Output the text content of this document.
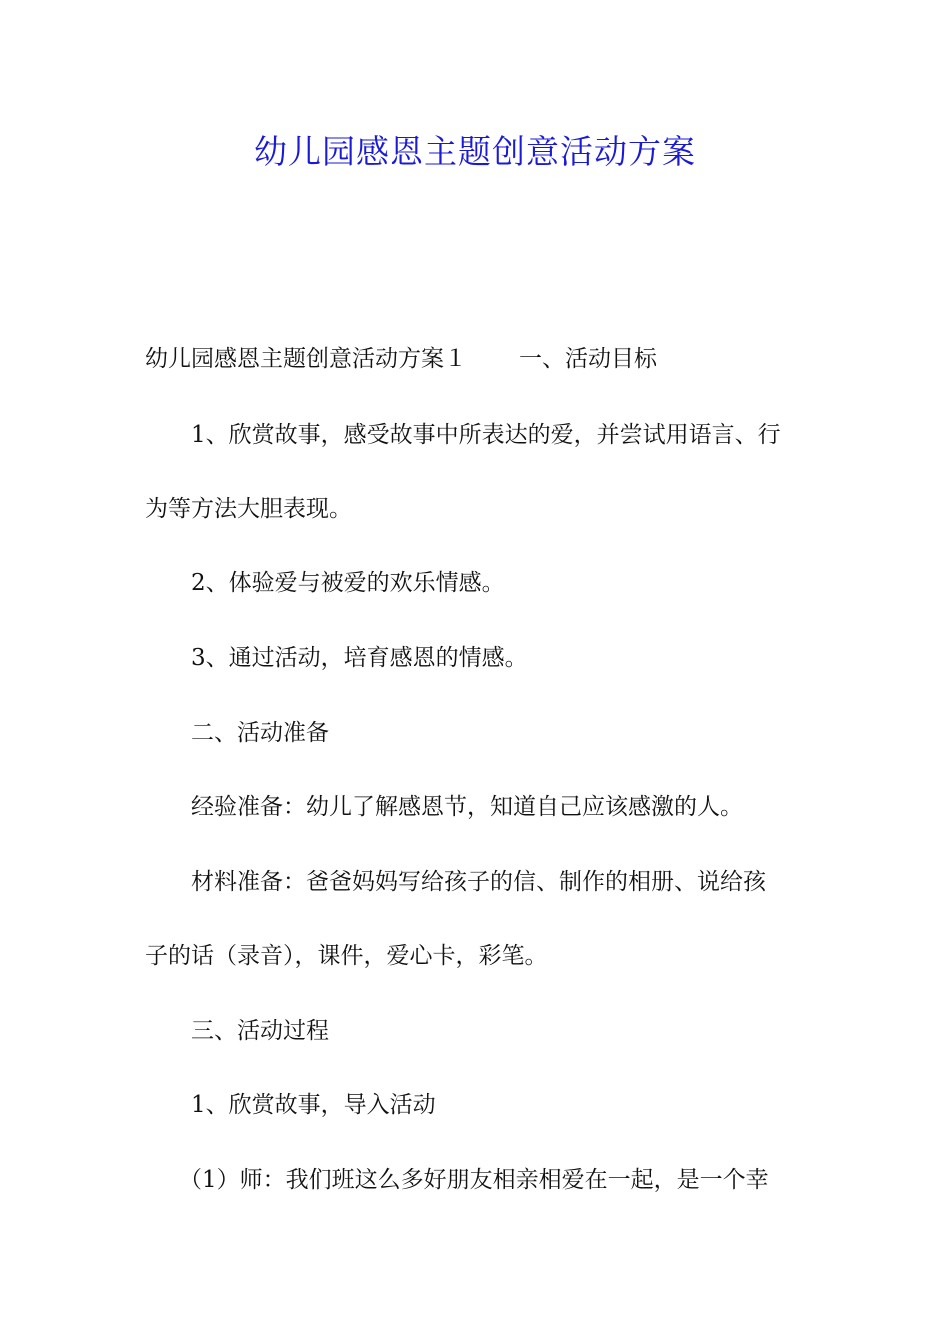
幼儿园感恩主题创意活动方案

幼儿园感恩主题创意活动方案１ 一、活动目标

1、欣赏故事，感受故事中所表达的爱，并尝试用语言、行

为等方法大胆表现。

2、体验爱与被爱的欢乐情感。

3、通过活动，培育感恩的情感。

二、活动准备

经验准备：幼儿了解感恩节，知道自己应该感激的人。

材料准备：爸爸妈妈写给孩子的信、制作的相册、说给孩

子的话（录音），课件，爱心卡，彩笔。

三、活动过程

1、欣赏故事，导入活动

（1）师：我们班这么多好朋友相亲相爱在一起，是一个幸
